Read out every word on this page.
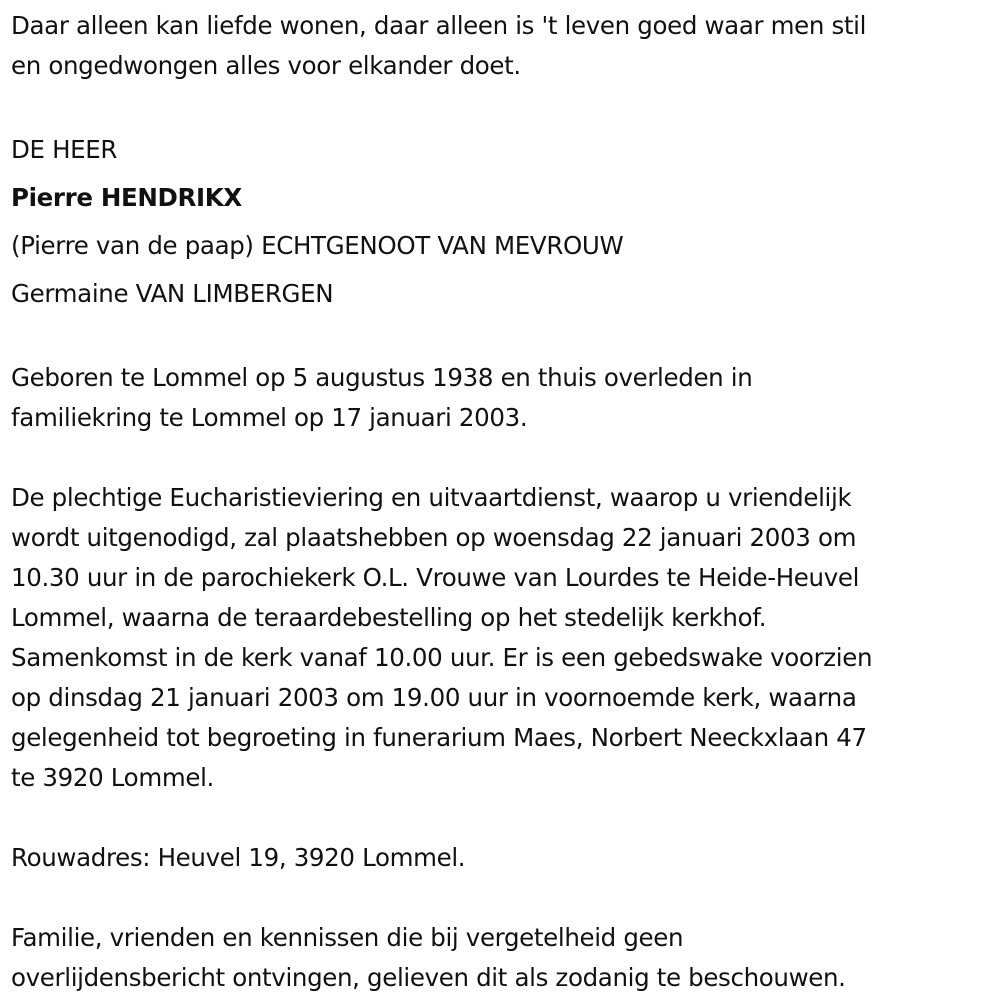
Daar alleen kan liefde wonen, daar alleen is 't leven goed waar men stil
en ongedwongen alles voor elkander doet.
DE HEER
Pierre HENDRIKX
(Pierre van de paap) ECHTGENOOT VAN MEVROUW
Germaine VAN LIMBERGEN
Geboren te Lommel op 5 augustus 1938 en thuis overleden in
familiekring te Lommel op 17 januari 2003.
De plechtige Eucharistieviering en uitvaartdienst, waarop u vriendelijk
wordt uitgenodigd, zal plaatshebben op woensdag 22 januari 2003 om
10.30 uur in de parochiekerk O.L. Vrouwe van Lourdes te Heide-Heuvel
Lommel, waarna de teraardebestelling op het stedelijk kerkhof.
Samenkomst in de kerk vanaf 10.00 uur. Er is een gebedswake voorzien
op dinsdag 21 januari 2003 om 19.00 uur in voornoemde kerk, waarna
gelegenheid tot begroeting in funerarium Maes, Norbert Neeckxlaan 47
te 3920 Lommel.
Rouwadres: Heuvel 19, 3920 Lommel.
Familie, vrienden en kennissen die bij vergetelheid geen
overlijdensbericht ontvingen, gelieven dit als zodanig te beschouwen.
